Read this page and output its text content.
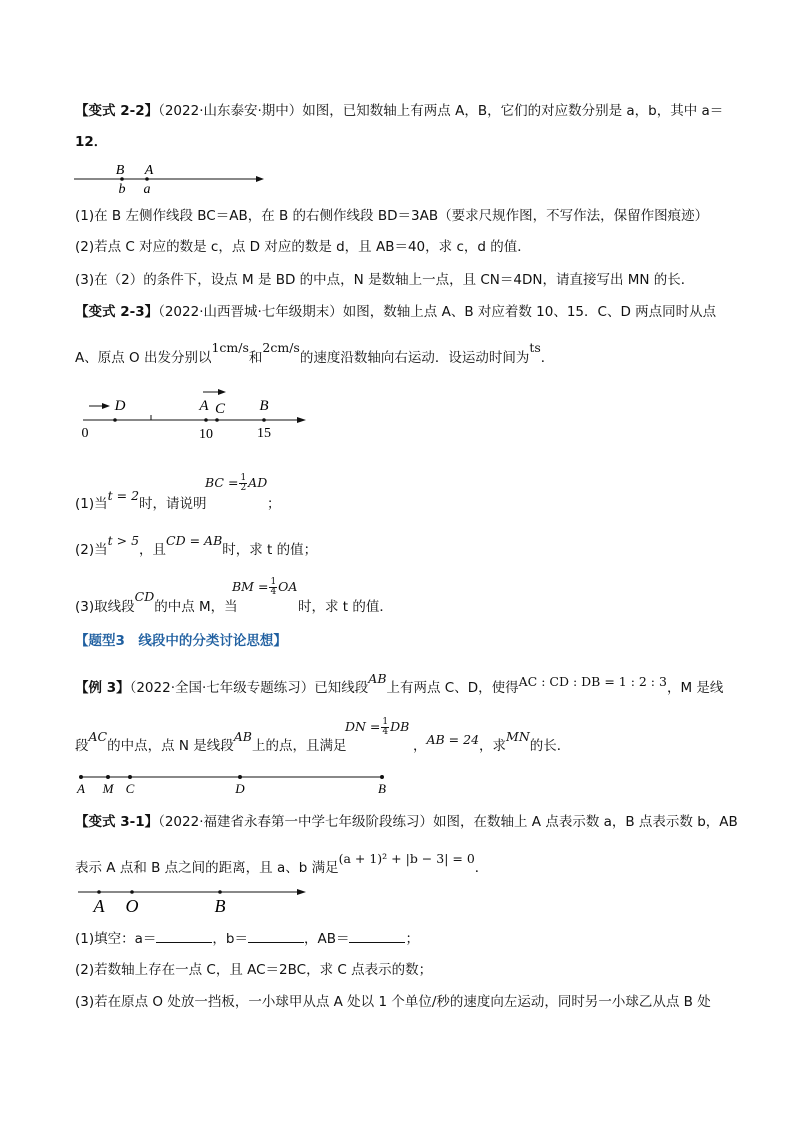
【变式 2-2】（2022·山东泰安·期中）如图，已知数轴上有两点 A，B，它们的对应数分别是 a，b，其中 a＝
12．
B A
b a
(1)在 B 左侧作线段 BC＝AB，在 B 的右侧作线段 BD＝3AB（要求尺规作图，不写作法，保留作图痕迹）
(2)若点 C 对应的数是 c，点 D 对应的数是 d，且 AB＝40，求 c，d 的值．
(3)在（2）的条件下，设点 M 是 BD 的中点，N 是数轴上一点，且 CN＝4DN，请直接写出 MN 的长．
【变式 2-3】（2022·山西晋城·七年级期末）如图，数轴上点 A、B 对应着数 10、15．C、D 两点同时从点
A、原点 O 出发分别以1cm/s和2cm/s的速度沿数轴向右运动．设运动时间为ts．
D	A C B
0	10	15
(1)当t = 2时，请说明
BC = $\frac{1}{2}$ AD
；
(2)当t > 5，且CD = AB时，求 t 的值；
(3)取线段CD的中点 M，当
BM = $\frac{1}{4}$ OA
时，求 t 的值．
【题型3　线段中的分类讨论思想】
【例 3】（2022·全国·七年级专题练习）已知线段AB上有两点 C、D，使得AC : CD : DB = 1 : 2 : 3，M 是线
段AC的中点，点 N 是线段AB上的点，且满足
DN = $\frac{1}{4}$ DB
，AB = 24，求MN的长．
A M C	D	B
【变式 3-1】（2022·福建省永春第一中学七年级阶段练习）如图，在数轴上 A 点表示数 a，B 点表示数 b，AB
表示 A 点和 B 点之间的距离，且 a、b 满足(a + 1)² + |b − 3| = 0．
A O	B
(1)填空：a＝	，b＝	，AB＝	；
(2)若数轴上存在一点 C，且 AC＝2BC，求 C 点表示的数；
(3)若在原点 O 处放一挡板，一小球甲从点 A 处以 1 个单位/秒的速度向左运动，同时另一小球乙从点 B 处
